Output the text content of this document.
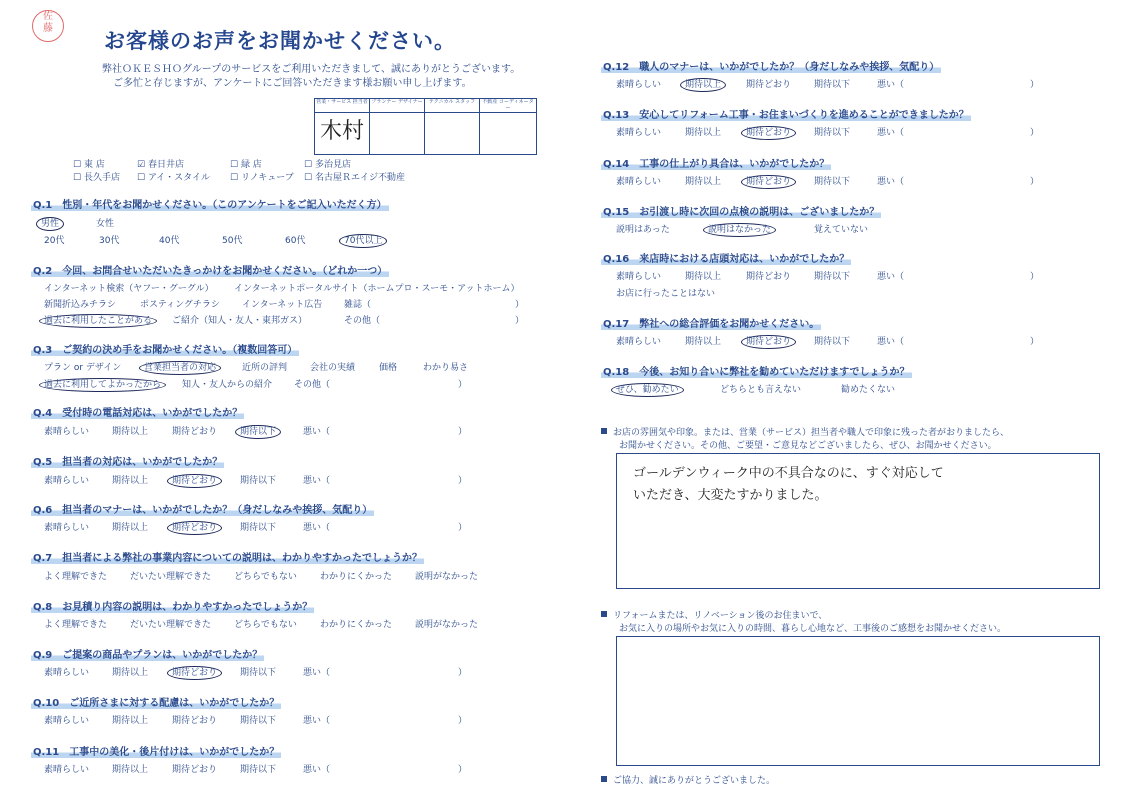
佐
藤
お客様のお声をお聞かせください。
弊社ＯＫＥＳＨＯグループのサービスをご利用いただきまして、誠にありがとうございます。
ご多忙と存じますが、アンケートにご回答いただきます様お願い申し上げます。
営業・サービス 担当者 プランナー デザイナー	テクニカル スタッフ	不動産 コーディネーター
木村
☐ 東 店	☑ 春日井店	☐ 緑 店	☐ 多治見店
☐ 長久手店 ☐ アイ・スタイル ☐ リノキューブ ☐ 名古屋Ｒエイジ不動産
Q.1　性別・年代をお聞かせください。（このアンケートをご記入いただく方）
男性	女性
20代	30代	40代	50代	60代	70代以上
Q.2　今回、お問合せいただいたきっかけをお聞かせください。（どれか一つ）
インターネット検索（ヤフー・グーグル） インターネットポータルサイト（ホームプロ・スーモ・アットホーム）
新聞折込みチラシ	ポスティングチラシ インターネット広告 雑誌（	）
過去に利用したことがある ご紹介（知人・友人・東邦ガス）	その他（	）
Q.3　ご契約の決め手をお聞かせください。（複数回答可）
プラン or デザイン	営業担当者の対応	近所の評判	会社の実績	価格	わかり易さ
過去に利用してよかったから 知人・友人からの紹介 その他（	）
Q.4　受付時の電話対応は、いかがでしたか？
素晴らしい	期待以上	期待どおり	期待以下	悪い（	）
Q.5　担当者の対応は、いかがでしたか？
素晴らしい	期待以上	期待どおり	期待以下	悪い（	）
Q.6　担当者のマナーは、いかがでしたか？（身だしなみや挨拶、気配り）
素晴らしい	期待以上	期待どおり	期待以下	悪い（	）
Q.7　担当者による弊社の事業内容についての説明は、わかりやすかったでしょうか？
よく理解できた	だいたい理解できた	どちらでもない	わかりにくかった	説明がなかった
Q.8　お見積り内容の説明は、わかりやすかったでしょうか？
よく理解できた	だいたい理解できた	どちらでもない	わかりにくかった	説明がなかった
Q.9　ご提案の商品やプランは、いかがでしたか？
素晴らしい	期待以上	期待どおり	期待以下	悪い（	）
Q.10　ご近所さまに対する配慮は、いかがでしたか？
素晴らしい	期待以上	期待どおり	期待以下	悪い（	）
Q.11　工事中の美化・後片付けは、いかがでしたか？
素晴らしい	期待以上	期待どおり	期待以下	悪い（	）
Q.12　職人のマナーは、いかがでしたか？（身だしなみや挨拶、気配り）
素晴らしい	期待以上	期待どおり	期待以下	悪い（	）
Q.13　安心してリフォーム工事・お住まいづくりを進めることができましたか？
素晴らしい	期待以上	期待どおり	期待以下	悪い（	）
Q.14　工事の仕上がり具合は、いかがでしたか？
素晴らしい	期待以上	期待どおり	期待以下	悪い（	）
Q.15　お引渡し時に次回の点検の説明は、ございましたか？
説明はあった	説明はなかった	覚えていない
Q.16　来店時における店頭対応は、いかがでしたか？
素晴らしい	期待以上	期待どおり	期待以下	悪い（	）
お店に行ったことはない
Q.17　弊社への総合評価をお聞かせください。
素晴らしい	期待以上	期待どおり	期待以下	悪い（	）
Q.18　今後、お知り合いに弊社を勧めていただけますでしょうか？
ぜひ、勧めたい	どちらとも言えない	勧めたくない
お店の雰囲気や印象。または、営業（サービス）担当者や職人で印象に残った者がおりましたら、
お聞かせください。その他、ご要望・ご意見などございましたら、ぜひ、お聞かせください。
ゴールデンウィーク中の不具合なのに、すぐ対応して
いただき、大変たすかりました。
リフォームまたは、リノベーション後のお住まいで、
お気に入りの場所やお気に入りの時間、暮らし心地など、工事後のご感想をお聞かせください。
ご協力、誠にありがとうございました。
